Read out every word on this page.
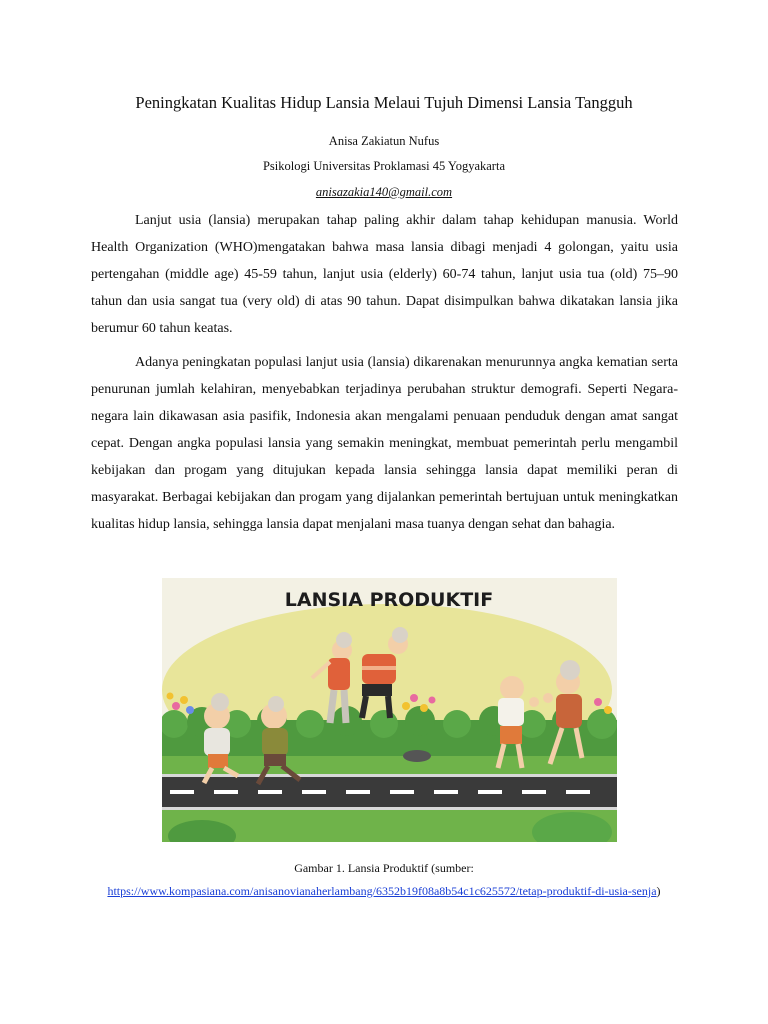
Peningkatan Kualitas Hidup Lansia Melaui Tujuh Dimensi Lansia Tangguh
Anisa Zakiatun Nufus
Psikologi Universitas Proklamasi 45 Yogyakarta
anisazakia140@gmail.com

Lanjut usia (lansia) merupakan tahap paling akhir dalam tahap kehidupan manusia. World Health Organization (WHO)mengatakan bahwa masa lansia dibagi menjadi 4 golongan, yaitu usia pertengahan (middle age) 45-59 tahun, lanjut usia (elderly) 60-74 tahun, lanjut usia tua (old) 75–90 tahun dan usia sangat tua (very old) di atas 90 tahun. Dapat disimpulkan bahwa dikatakan lansia jika berumur 60 tahun keatas.

Adanya peningkatan populasi lanjut usia (lansia) dikarenakan menurunnya angka kematian serta penurunan jumlah kelahiran, menyebabkan terjadinya perubahan struktur demografi. Seperti Negara-negara lain dikawasan asia pasifik, Indonesia akan mengalami penuaan penduduk dengan amat sangat cepat. Dengan angka populasi lansia yang semakin meningkat, membuat pemerintah perlu mengambil kebijakan dan progam yang ditujukan kepada lansia sehingga lansia dapat memiliki peran di masyarakat. Berbagai kebijakan dan progam yang dijalankan pemerintah bertujuan untuk meningkatkan kualitas hidup lansia, sehingga lansia dapat menjalani masa tuanya dengan sehat dan bahagia.

LANSIA PRODUKTIF
Gambar 1. Lansia Produktif (sumber:
https://www.kompasiana.com/anisanovianaherlambang/6352b19f08a8b54c1c625572/tetap-produktif-di-usia-senja)
